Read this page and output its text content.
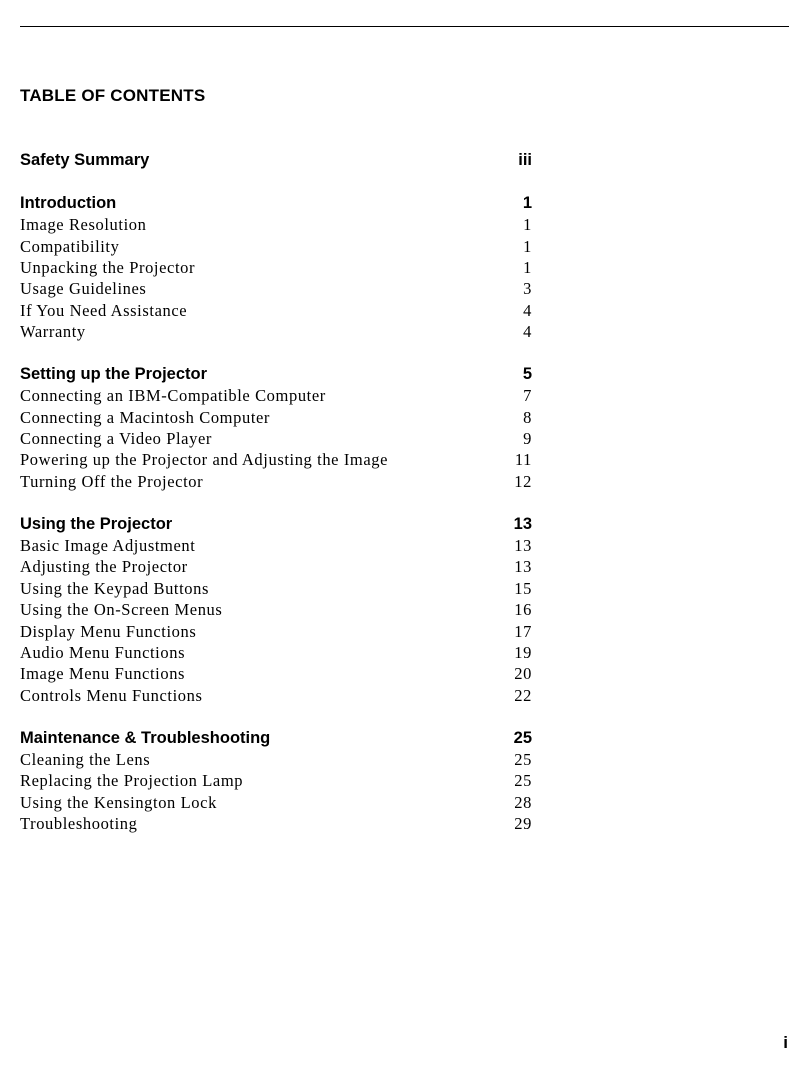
TABLE OF CONTENTS
Safety Summary	iii
Introduction	1
Image Resolution	1
Compatibility	1
Unpacking the Projector	1
Usage Guidelines	3
If You Need Assistance	4
Warranty	4
Setting up the Projector	5
Connecting an IBM-Compatible Computer	7
Connecting a Macintosh Computer	8
Connecting a Video Player	9
Powering up the Projector and Adjusting the Image	11
Turning Off the Projector	12
Using the Projector	13
Basic Image Adjustment	13
Adjusting the Projector	13
Using the Keypad Buttons	15
Using the On-Screen Menus	16
Display Menu Functions	17
Audio Menu Functions	19
Image Menu Functions	20
Controls Menu Functions	22
Maintenance & Troubleshooting	25
Cleaning the Lens	25
Replacing the Projection Lamp	25
Using the Kensington Lock	28
Troubleshooting	29
i
